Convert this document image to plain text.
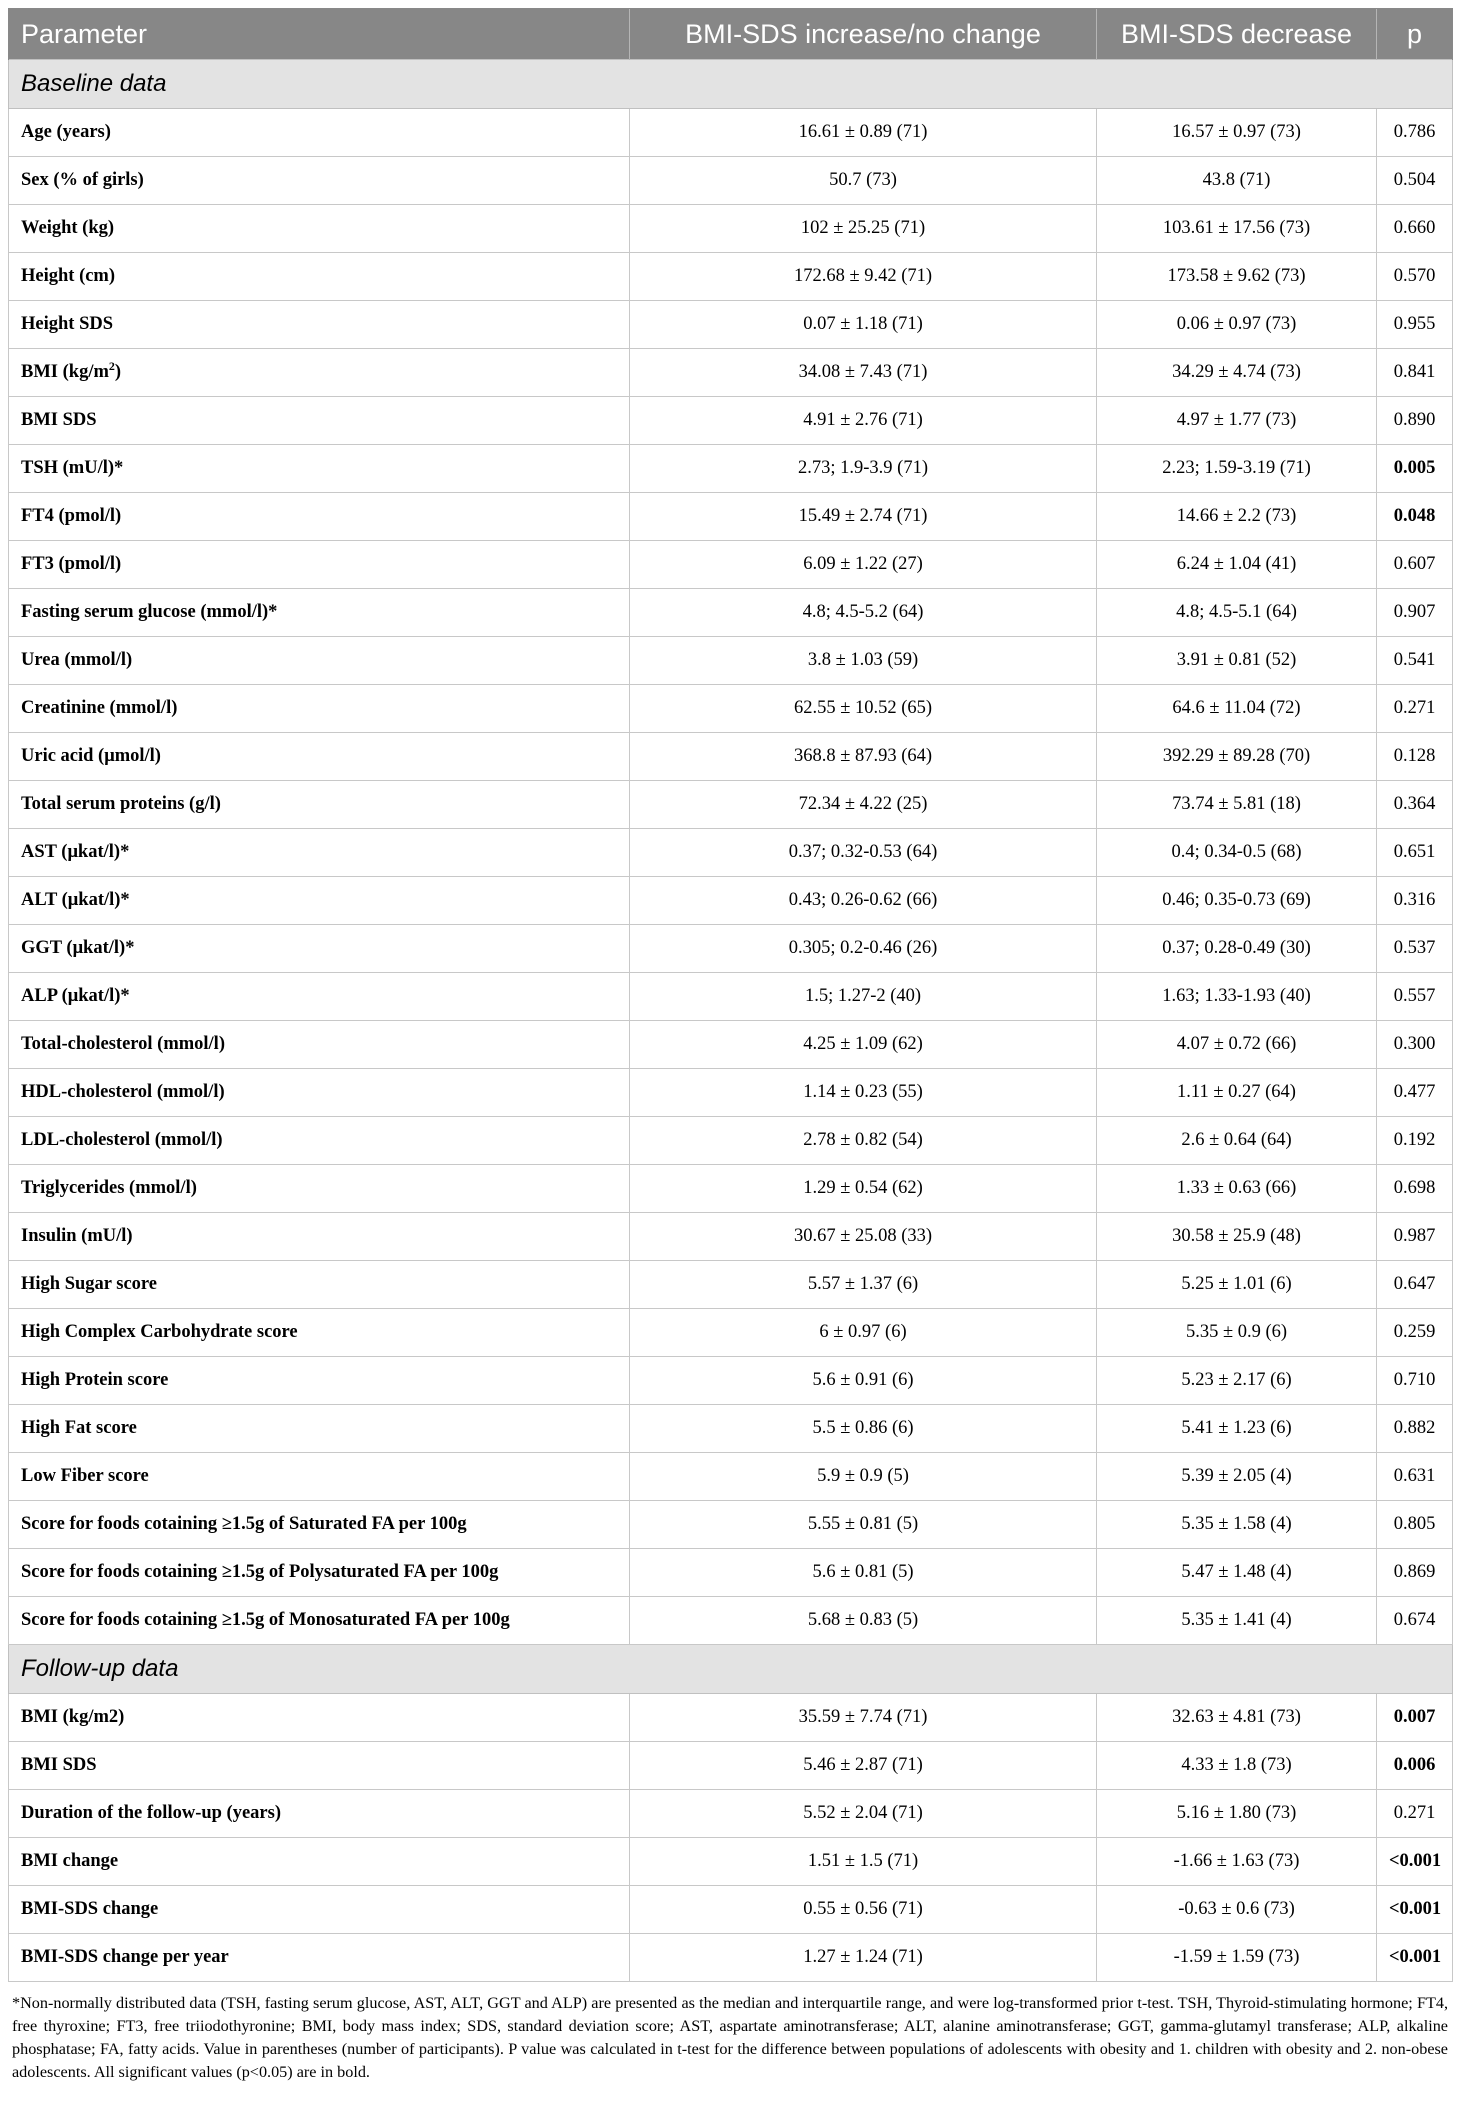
Parameter	BMI-SDS increase/no change	BMI-SDS decrease	p
Baseline data			
Age (years)	16.61 ± 0.89 (71)	16.57 ± 0.97 (73)	0.786
Sex (% of girls)	50.7 (73)	43.8 (71)	0.504
Weight (kg)	102 ± 25.25 (71)	103.61 ± 17.56 (73)	0.660
Height (cm)	172.68 ± 9.42 (71)	173.58 ± 9.62 (73)	0.570
Height SDS	0.07 ± 1.18 (71)	0.06 ± 0.97 (73)	0.955
BMI $(kg/m^2)$	34.08 ± 7.43 (71)	34.29 ± 4.74 (73)	0.841
BMI SDS	4.91 ± 2.76 (71)	4.97 ± 1.77 (73)	0.890
TSH (mU/l)*	2.73; 1.9-3.9 (71)	2.23; 1.59-3.19 (71)	0.005
FT4 (pmol/l)	15.49 ± 2.74 (71)	14.66 ± 2.2 (73)	0.048
FT3 (pmol/l)	6.09 ± 1.22 (27)	6.24 ± 1.04 (41)	0.607
Fasting serum glucose (mmol/l)*	4.8; 4.5-5.2 (64)	4.8; 4.5-5.1 (64)	0.907
Urea (mmol/l)	3.8 ± 1.03 (59)	3.91 ± 0.81 (52)	0.541
Creatinine (mmol/l)	62.55 ± 10.52 (65)	64.6 ± 11.04 (72)	0.271
Uric acid (μmol/l)	368.8 ± 87.93 (64)	392.29 ± 89.28 (70)	0.128
Total serum proteins (g/l)	72.34 ± 4.22 (25)	73.74 ± 5.81 (18)	0.364
AST (μkat/l)*	0.37; 0.32-0.53 (64)	0.4; 0.34-0.5 (68)	0.651
ALT (μkat/l)*	0.43; 0.26-0.62 (66)	0.46; 0.35-0.73 (69)	0.316
GGT (μkat/l)*	0.305; 0.2-0.46 (26)	0.37; 0.28-0.49 (30)	0.537
ALP (μkat/l)*	1.5; 1.27-2 (40)	1.63; 1.33-1.93 (40)	0.557
Total-cholesterol (mmol/l)	4.25 ± 1.09 (62)	4.07 ± 0.72 (66)	0.300
HDL-cholesterol (mmol/l)	1.14 ± 0.23 (55)	1.11 ± 0.27 (64)	0.477
LDL-cholesterol (mmol/l)	2.78 ± 0.82 (54)	2.6 ± 0.64 (64)	0.192
Triglycerides (mmol/l)	1.29 ± 0.54 (62)	1.33 ± 0.63 (66)	0.698
Insulin (mU/l)	30.67 ± 25.08 (33)	30.58 ± 25.9 (48)	0.987
High Sugar score	5.57 ± 1.37 (6)	5.25 ± 1.01 (6)	0.647
High Complex Carbohydrate score	6 ± 0.97 (6)	5.35 ± 0.9 (6)	0.259
High Protein score	5.6 ± 0.91 (6)	5.23 ± 2.17 (6)	0.710
High Fat score	5.5 ± 0.86 (6)	5.41 ± 1.23 (6)	0.882
Low Fiber score	5.9 ± 0.9 (5)	5.39 ± 2.05 (4)	0.631
Score for foods cotaining ≥1.5g of Saturated FA per 100g	5.55 ± 0.81 (5)	5.35 ± 1.58 (4)	0.805
Score for foods cotaining ≥1.5g of Polysaturated FA per 100g	5.6 ± 0.81 (5)	5.47 ± 1.48 (4)	0.869
Score for foods cotaining ≥1.5g of Monosaturated FA per 100g	5.68 ± 0.83 (5)	5.35 ± 1.41 (4)	0.674
Follow-up data			
BMI (kg/m2)	35.59 ± 7.74 (71)	32.63 ± 4.81 (73)	0.007
BMI SDS	5.46 ± 2.87 (71)	4.33 ± 1.8 (73)	0.006
Duration of the follow-up (years)	5.52 ± 2.04 (71)	5.16 ± 1.80 (73)	0.271
BMI change	1.51 ± 1.5 (71)	-1.66 ± 1.63 (73)	<0.001
BMI-SDS change	0.55 ± 0.56 (71)	-0.63 ± 0.6 (73)	<0.001
BMI-SDS change per year	1.27 ± 1.24 (71)	-1.59 ± 1.59 (73)	<0.001
*Non-normally distributed data (TSH, fasting serum glucose, AST, ALT, GGT and ALP) are presented as the median and interquartile range, and were log-transformed prior t-test. TSH, Thyroid-stimulating hormone; FT4, free thyroxine; FT3, free triiodothyronine; BMI, body mass index; SDS, standard deviation score; AST, aspartate aminotransferase; ALT, alanine aminotransferase; GGT, gamma-glutamyl transferase; ALP, alkaline phosphatase; FA, fatty acids. Value in parentheses (number of participants). P value was calculated in t-test for the difference between populations of adolescents with obesity and 1. children with obesity and 2. non-obese adolescents. All significant values (p<0.05) are in bold.
